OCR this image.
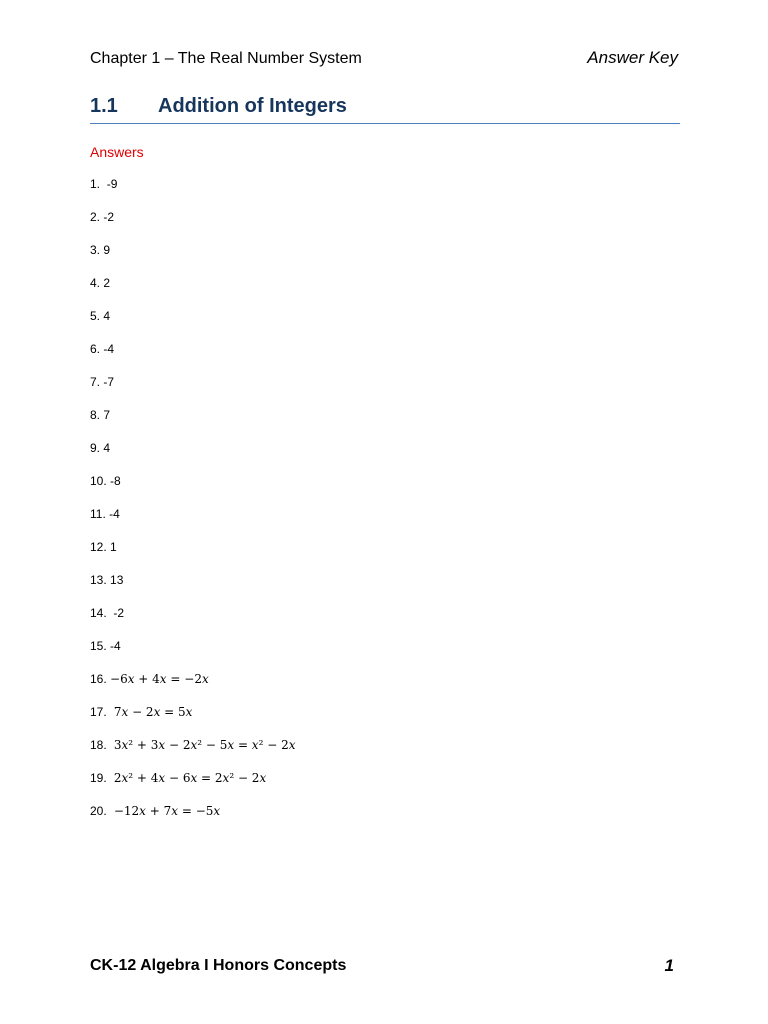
Chapter 1 – The Real Number System	Answer Key
1.1 Addition of Integers
Answers
1.  -9
2. -2
3. 9
4. 2
5. 4
6. -4
7. -7
8. 7
9. 4
10. -8
11. -4
12. 1
13. 13
14.  -2
15. -4
16. −6𝑥 + 4𝑥 = −2𝑥
17.  7𝑥 − 2𝑥 = 5𝑥
18.  3𝑥² + 3𝑥 − 2𝑥² − 5𝑥 = 𝑥² − 2𝑥
19.  2𝑥² + 4𝑥 − 6𝑥 = 2𝑥² − 2𝑥
20.  −12𝑥 + 7𝑥 = −5𝑥
CK-12 Algebra I Honors Concepts	1
